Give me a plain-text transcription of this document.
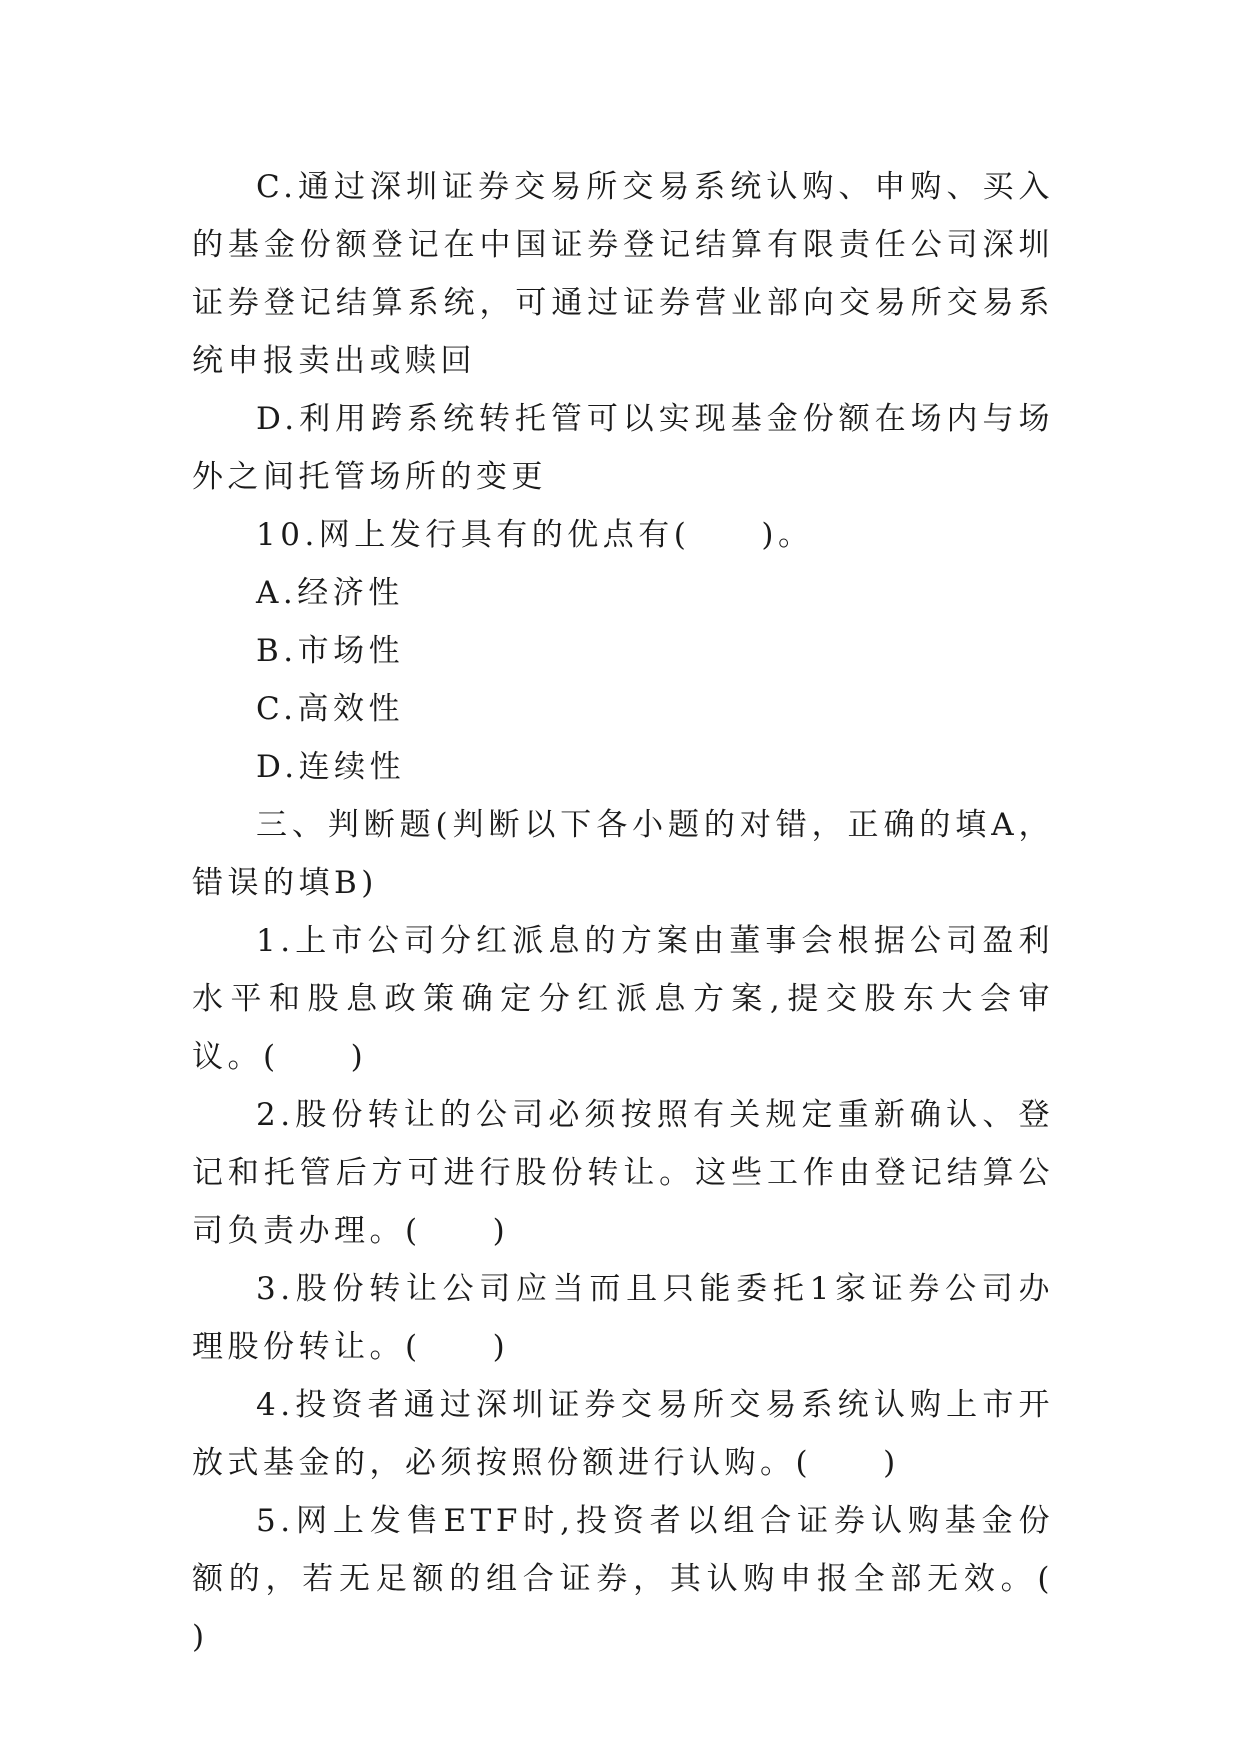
C.通过深圳证券交易所交易系统认购、申购、买入的基金份额登记在中国证券登记结算有限责任公司深圳证券登记结算系统，可通过证券营业部向交易所交易系统申报卖出或赎回

D.利用跨系统转托管可以实现基金份额在场内与场外之间托管场所的变更

10.网上发行具有的优点有(　　)。

A.经济性

B.市场性

C.高效性

D.连续性

三、判断题(判断以下各小题的对错，正确的填A，错误的填B)

1.上市公司分红派息的方案由董事会根据公司盈利水平和股息政策确定分红派息方案,提交股东大会审议。(　　)

2.股份转让的公司必须按照有关规定重新确认、登记和托管后方可进行股份转让。这些工作由登记结算公司负责办理。(　　)

3.股份转让公司应当而且只能委托1家证券公司办理股份转让。(　　)

4.投资者通过深圳证券交易所交易系统认购上市开放式基金的，必须按照份额进行认购。(　　)

5.网上发售ETF时,投资者以组合证券认购基金份额的，若无足额的组合证券，其认购申报全部无效。(　　)
